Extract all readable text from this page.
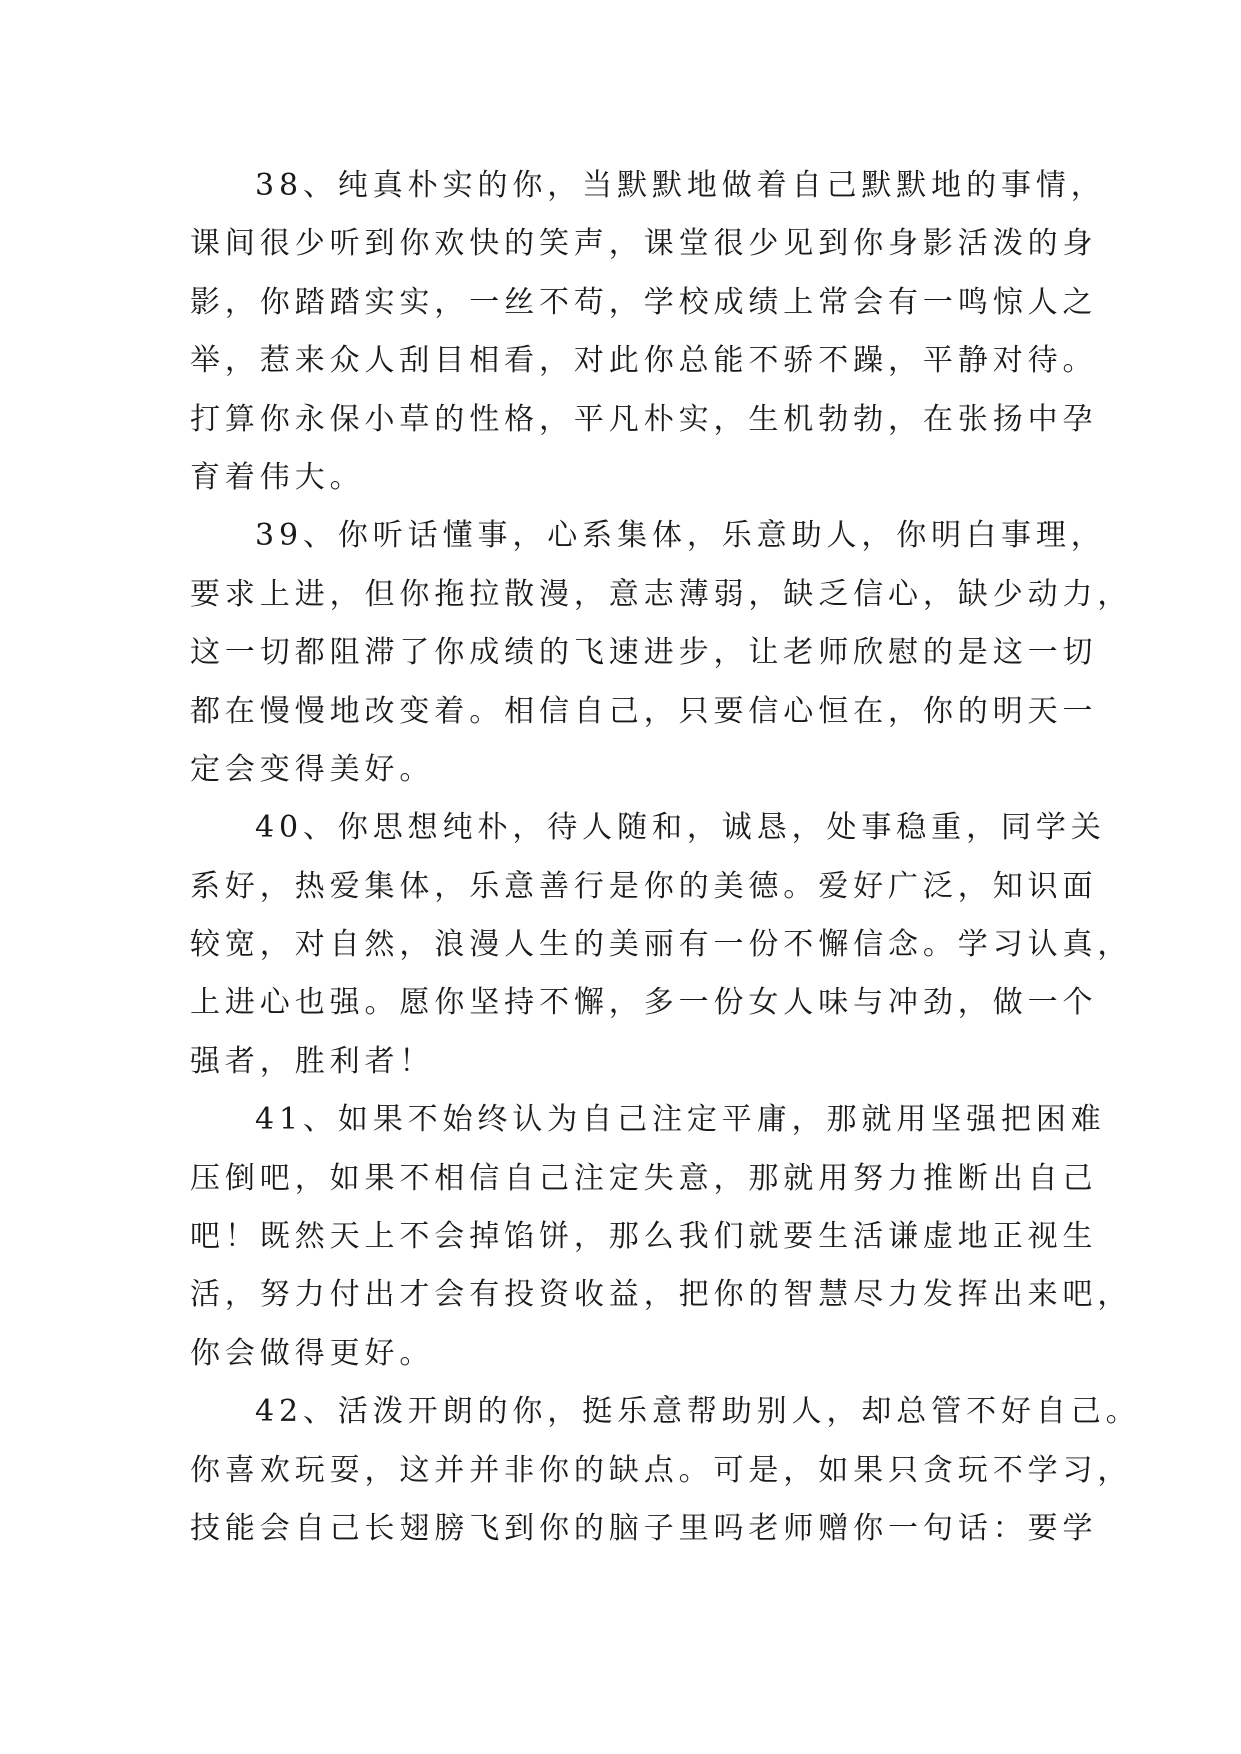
38、纯真朴实的你，当默默地做着自己默默地的事情，
课间很少听到你欢快的笑声，课堂很少见到你身影活泼的身
影，你踏踏实实，一丝不苟，学校成绩上常会有一鸣惊人之
举，惹来众人刮目相看，对此你总能不骄不躁，平静对待。
打算你永保小草的性格，平凡朴实，生机勃勃，在张扬中孕
育着伟大。
39、你听话懂事，心系集体，乐意助人，你明白事理，
要求上进，但你拖拉散漫，意志薄弱，缺乏信心，缺少动力，
这一切都阻滞了你成绩的飞速进步，让老师欣慰的是这一切
都在慢慢地改变着。相信自己，只要信心恒在，你的明天一
定会变得美好。
40、你思想纯朴，待人随和，诚恳，处事稳重，同学关
系好，热爱集体，乐意善行是你的美德。爱好广泛，知识面
较宽，对自然，浪漫人生的美丽有一份不懈信念。学习认真，
上进心也强。愿你坚持不懈，多一份女人味与冲劲，做一个
强者，胜利者！
41、如果不始终认为自己注定平庸，那就用坚强把困难
压倒吧，如果不相信自己注定失意，那就用努力推断出自己
吧！既然天上不会掉馅饼，那么我们就要生活谦虚地正视生
活，努力付出才会有投资收益，把你的智慧尽力发挥出来吧，
你会做得更好。
42、活泼开朗的你，挺乐意帮助别人，却总管不好自己。
你喜欢玩耍，这并并非你的缺点。可是，如果只贪玩不学习，
技能会自己长翅膀飞到你的脑子里吗老师赠你一句话：要学
